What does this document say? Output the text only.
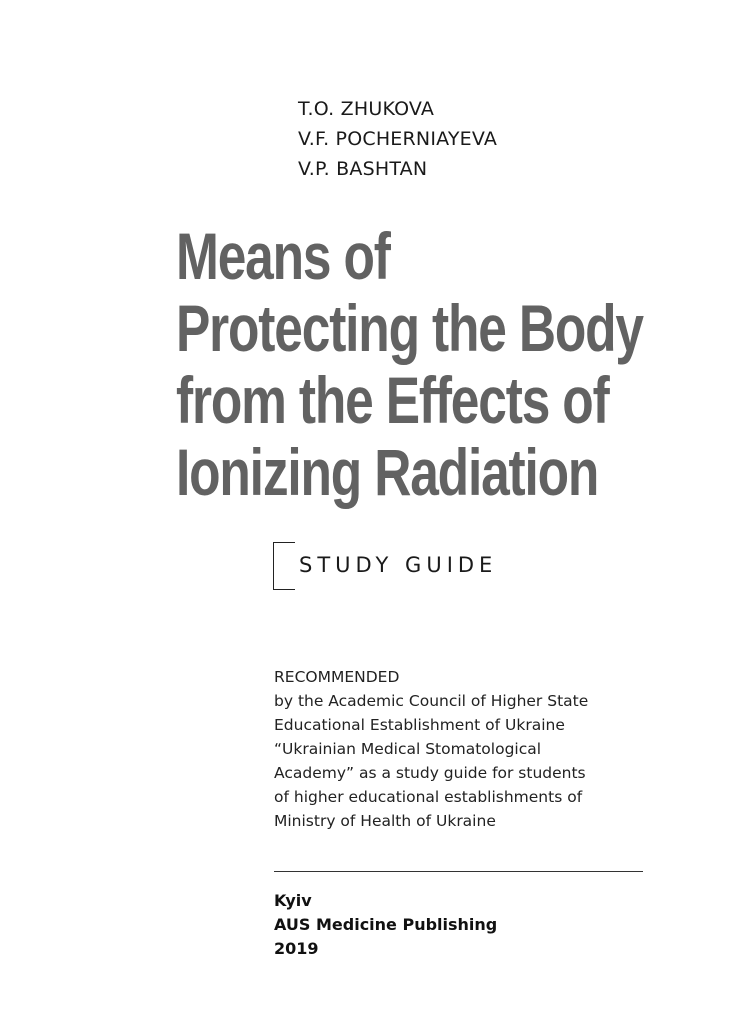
T.O. ZHUKOVA
V.F. POCHERNIAYEVA
V.P. BASHTAN
Means of
Protecting the Body
from the Effects of
Ionizing Radiation
STUDY GUIDE
RECOMMENDED
by the Academic Council of Higher State
Educational Establishment of Ukraine
“Ukrainian Medical Stomatological
Academy” as a study guide for students
of higher educational establishments of
Ministry of Health of Ukraine
Kyiv
AUS Medicine Publishing
2019
